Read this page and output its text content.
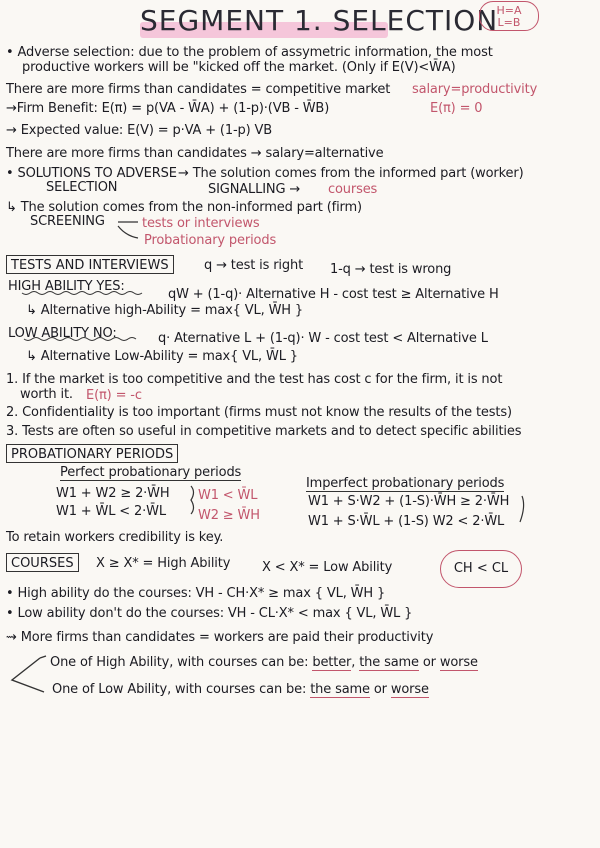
SEGMENT 1. SELECTION
H=A
L=B
• Adverse selection: due to the problem of assymetric information, the most
productive workers will be "kicked off the market. (Only if E(V)<W̄A)
There are more firms than candidates = competitive market salary=productivity
→Firm Benefit: E(π) = p(VA - W̄A) + (1-p)·(VB - W̄B)	E(π) = 0
→ Expected value: E(V) = p·VA + (1-p) VB
There are more firms than candidates → salary=alternative
• SOLUTIONS TO ADVERSE
SELECTION
→ The solution comes from the informed part (worker)
SIGNALLING → courses
↳ The solution comes from the non-informed part (firm)
SCREENING	tests or interviews
Probationary periods
TESTS AND INTERVIEWS	q → test is right 1-q → test is wrong
HIGH ABILITY YES:
qW + (1-q)· Alternative H - cost test ≥ Alternative H
↳ Alternative high-Ability = max{ VL, W̄H }
LOW ABILITY NO:	q· Aternative L + (1-q)· W - cost test < Alternative L
↳ Alternative Low-Ability = max{ VL, W̄L }
1. If the market is too competitive and the test has cost c for the firm, it is not
worth it. E(π) = -c
2. Confidentiality is too important (firms must not know the results of the tests)
3. Tests are often so useful in competitive markets and to detect specific abilities
PROBATIONARY PERIODS
Perfect probationary periods
W1 + W2 ≥ 2·W̄H W1 < W̄L
W1 + W̄L < 2·W̄L W2 ≥ W̄H
Imperfect probationary periods
W1 + S·W2 + (1-S)·W̄H ≥ 2·W̄H
W1 + S·W̄L + (1-S) W2 < 2·W̄L
To retain workers credibility is key.
COURSES	X ≥ X* = High Ability X < X* = Low Ability	CH < CL
• High ability do the courses: VH - CH·X* ≥ max { VL, W̄H }
• Low ability don't do the courses: VH - CL·X* < max { VL, W̄L }
⇝ More firms than candidates = workers are paid their productivity
One of High Ability, with courses can be: better, the same or worse
One of Low Ability, with courses can be: the same or worse
